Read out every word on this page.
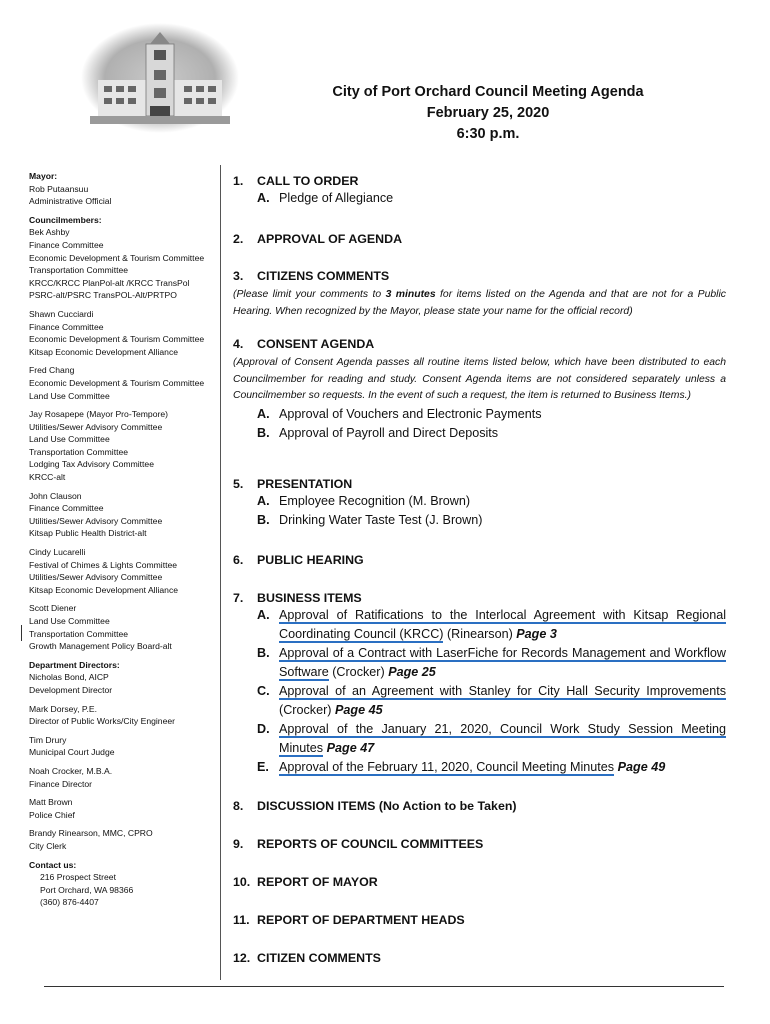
City of Port Orchard Council Meeting Agenda
February 25, 2020
6:30 p.m.
Mayor:
Rob Putaansuu
Administrative Official
Councilmembers:
Bek Ashby
Finance Committee
Economic Development & Tourism Committee
Transportation Committee
KRCC/KRCC PlanPol-alt /KRCC TransPol
PSRC-alt/PSRC TransPOL-Alt/PRTPO
Shawn Cucciardi
Finance Committee
Economic Development & Tourism Committee
Kitsap Economic Development Alliance
Fred Chang
Economic Development & Tourism Committee
Land Use Committee
Jay Rosapepe (Mayor Pro-Tempore)
Utilities/Sewer Advisory Committee
Land Use Committee
Transportation Committee
Lodging Tax Advisory Committee
KRCC-alt
John Clauson
Finance Committee
Utilities/Sewer Advisory Committee
Kitsap Public Health District-alt
Cindy Lucarelli
Festival of Chimes & Lights Committee
Utilities/Sewer Advisory Committee
Kitsap Economic Development Alliance
Scott Diener
Land Use Committee
Transportation Committee
Growth Management Policy Board-alt
Department Directors:
Nicholas Bond, AICP
Development Director
Mark Dorsey, P.E.
Director of Public Works/City Engineer
Tim Drury
Municipal Court Judge
Noah Crocker, M.B.A.
Finance Director
Matt Brown
Police Chief
Brandy Rinearson, MMC, CPRO
City Clerk
Contact us:
216 Prospect Street
Port Orchard, WA 98366
(360) 876-4407
1. CALL TO ORDER
A. Pledge of Allegiance
2. APPROVAL OF AGENDA
3. CITIZENS COMMENTS
(Please limit your comments to 3 minutes for items listed on the Agenda and that are not for a Public Hearing. When recognized by the Mayor, please state your name for the official record)
4. CONSENT AGENDA
(Approval of Consent Agenda passes all routine items listed below, which have been distributed to each Councilmember for reading and study. Consent Agenda items are not considered separately unless a Councilmember so requests. In the event of such a request, the item is returned to Business Items.)
A. Approval of Vouchers and Electronic Payments
B. Approval of Payroll and Direct Deposits
5. PRESENTATION
A. Employee Recognition (M. Brown)
B. Drinking Water Taste Test (J. Brown)
6. PUBLIC HEARING
7. BUSINESS ITEMS
A. Approval of Ratifications to the Interlocal Agreement with Kitsap Regional Coordinating Council (KRCC) (Rinearson) Page 3
B. Approval of a Contract with LaserFiche for Records Management and Workflow Software (Crocker) Page 25
C. Approval of an Agreement with Stanley for City Hall Security Improvements (Crocker) Page 45
D. Approval of the January 21, 2020, Council Work Study Session Meeting Minutes Page 47
E. Approval of the February 11, 2020, Council Meeting Minutes Page 49
8. DISCUSSION ITEMS (No Action to be Taken)
9. REPORTS OF COUNCIL COMMITTEES
10. REPORT OF MAYOR
11. REPORT OF DEPARTMENT HEADS
12. CITIZEN COMMENTS
